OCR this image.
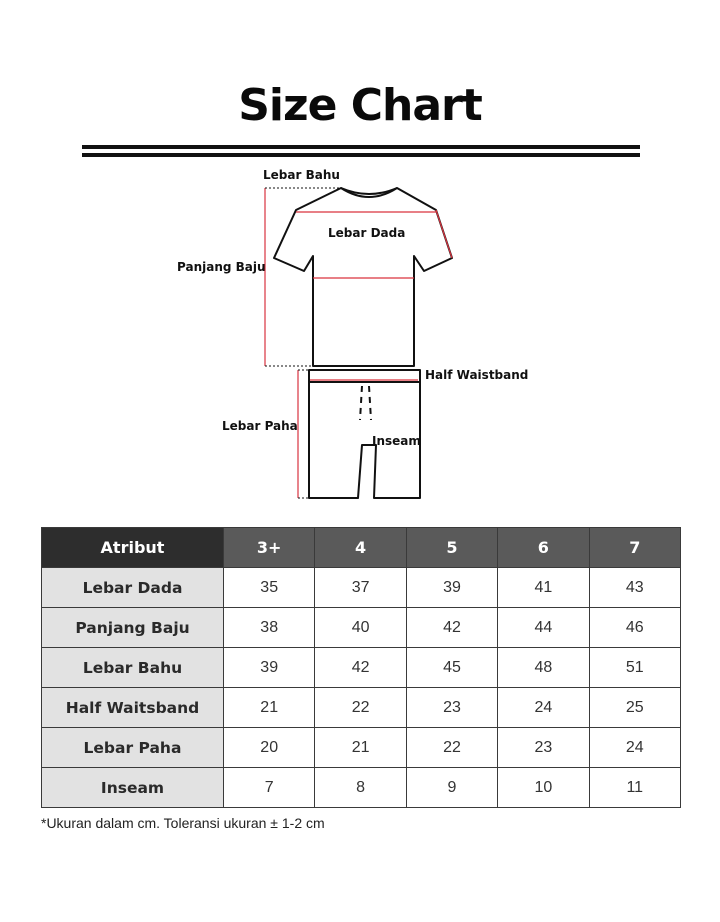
Size Chart
Lebar Bahu
Lebar Dada
Panjang Baju
Half Waistband
Lebar Paha
Inseam
Atribut	3+	4	5	6	7
Lebar Dada	35	37	39	41	43
Panjang Baju	38	40	42	44	46
Lebar Bahu	39	42	45	48	51
Half Waitsband	21	22	23	24	25
Lebar Paha	20	21	22	23	24
Inseam	7	8	9	10	11
*Ukuran dalam cm. Toleransi ukuran ± 1-2 cm
